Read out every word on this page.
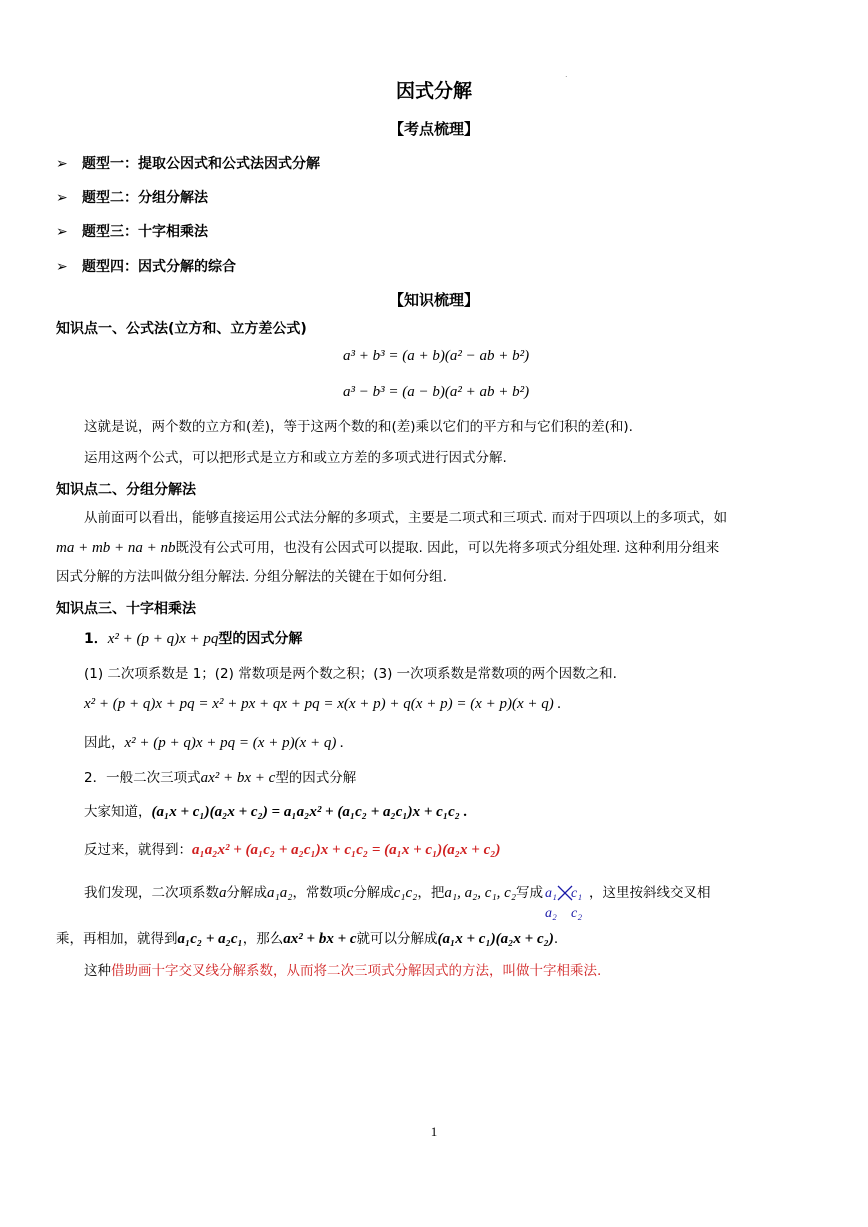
.
因式分解
【考点梳理】
➢ 题型一：提取公因式和公式法因式分解
➢ 题型二：分组分解法
➢ 题型三：十字相乘法
➢ 题型四：因式分解的综合
【知识梳理】
知识点一、公式法(立方和、立方差公式)
a³ + b³ = (a + b)(a² − ab + b²)
a³ − b³ = (a − b)(a² + ab + b²)
这就是说，两个数的立方和(差)，等于这两个数的和(差)乘以它们的平方和与它们积的差(和).
运用这两个公式，可以把形式是立方和或立方差的多项式进行因式分解.
知识点二、分组分解法
从前面可以看出，能够直接运用公式法分解的多项式，主要是二项式和三项式. 而对于四项以上的多项式，如
ma + mb + na + nb既没有公式可用，也没有公因式可以提取. 因此，可以先将多项式分组处理. 这种利用分组来
因式分解的方法叫做分组分解法. 分组分解法的关键在于如何分组.
知识点三、十字相乘法
1．x² + (p + q)x + pq型的因式分解
(1) 二次项系数是 1；(2) 常数项是两个数之积；(3) 一次项系数是常数项的两个因数之和.
x² + (p + q)x + pq = x² + px + qx + pq = x(x + p) + q(x + p) = (x + p)(x + q) .
因此，x² + (p + q)x + pq = (x + p)(x + q) .
2．一般二次三项式ax² + bx + c型的因式分解
大家知道，(a₁x + c₁)(a₂x + c₂) = a₁a₂x² + (a₁c₂ + a₂c₁)x + c₁c₂ .
反过来，就得到：a₁a₂x² + (a₁c₂ + a₂c₁)x + c₁c₂ = (a₁x + c₁)(a₂x + c₂)
我们发现，二次项系数a分解成a₁a₂，常数项c分解成c₁c₂，把a₁, a₂, c₁, c₂写成 a₁
a₂
c₁
c₂
，这里按斜线交叉相
乘，再相加，就得到a₁c₂ + a₂c₁，那么ax² + bx + c就可以分解成(a₁x + c₁)(a₂x + c₂).
这种借助画十字交叉线分解系数，从而将二次三项式分解因式的方法，叫做十字相乘法.
1
